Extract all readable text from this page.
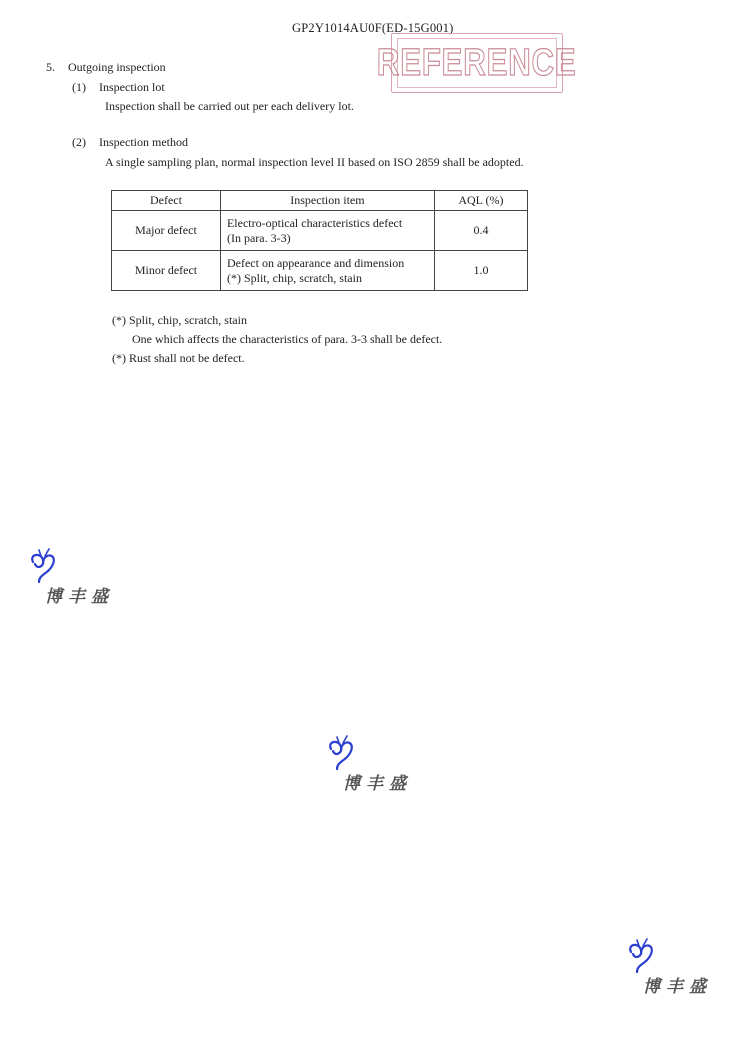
GP2Y1014AU0F(ED-15G001)
REFERENCE
5. Outgoing inspection
(1) Inspection lot
Inspection shall be carried out per each delivery lot.
(2) Inspection method
A single sampling plan, normal inspection level II based on ISO 2859 shall be adopted.
Defect	Inspection item	AQL (%)
Major defect	Electro-optical characteristics defect
(In para. 3-3)	0.4
Minor defect	Defect on appearance and dimension
(*) Split, chip, scratch, stain	1.0
(*) Split, chip, scratch, stain
One which affects the characteristics of para. 3-3 shall be defect.
(*) Rust shall not be defect.
博丰盛
博丰盛
博丰盛
